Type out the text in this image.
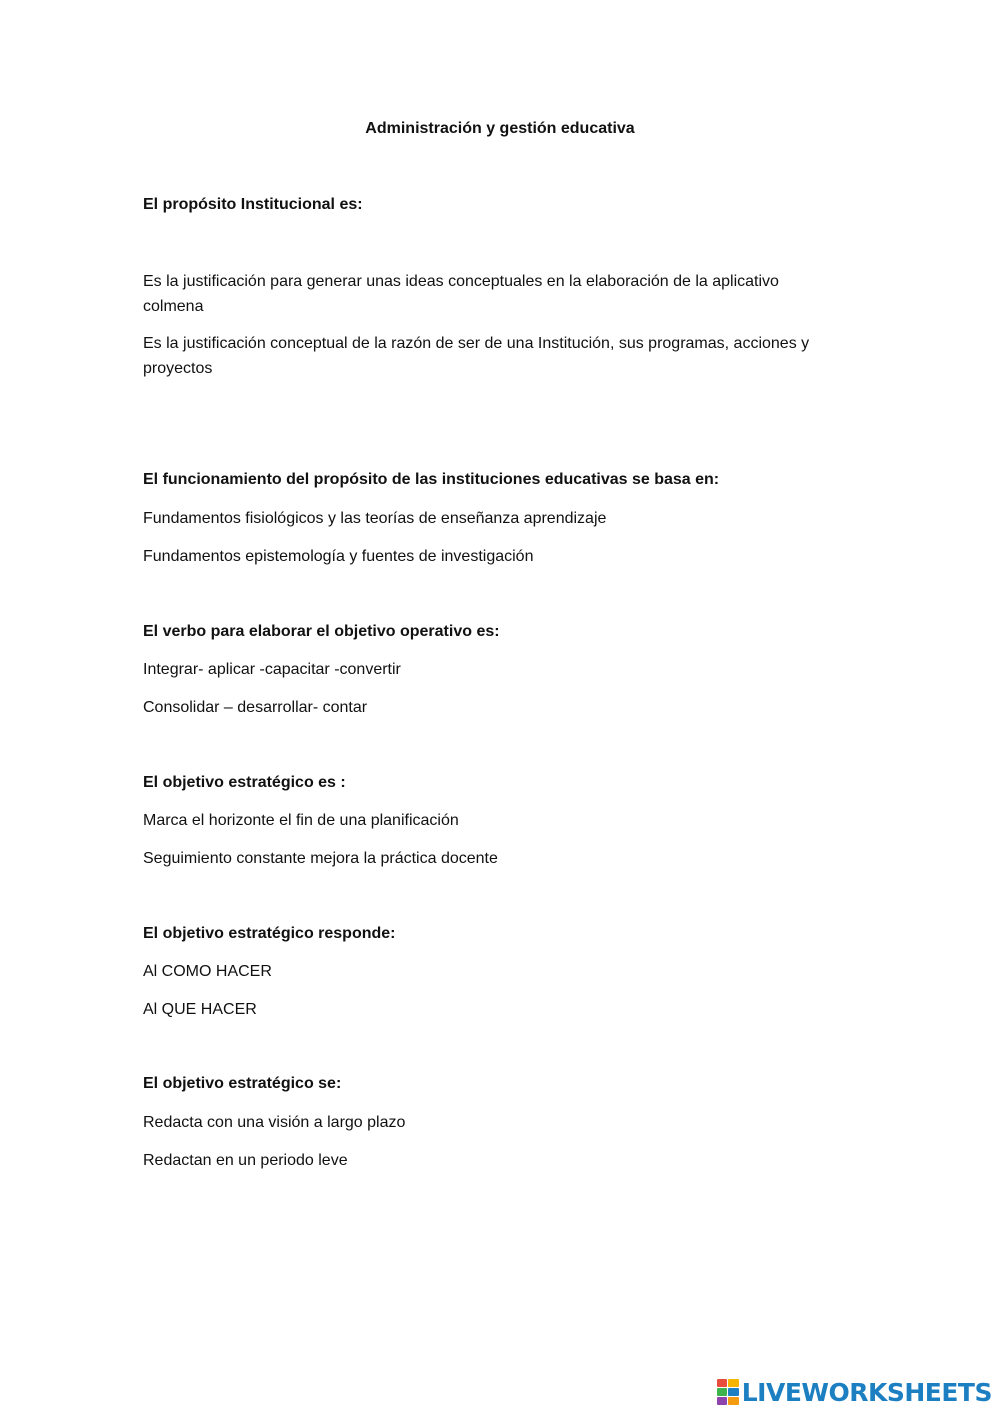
Administración y gestión educativa
El propósito Institucional es:
Es la justificación para generar unas ideas conceptuales en la elaboración de la aplicativo colmena
Es la justificación conceptual de la razón de ser de una Institución, sus programas, acciones y proyectos
El funcionamiento del propósito de las instituciones educativas se basa en:
Fundamentos fisiológicos y las teorías de enseñanza aprendizaje
Fundamentos epistemología y fuentes de investigación
El verbo para elaborar el objetivo operativo es:
Integrar- aplicar -capacitar -convertir
Consolidar – desarrollar- contar
El objetivo estratégico es :
Marca el horizonte el fin de una planificación
Seguimiento constante mejora la práctica docente
El objetivo estratégico responde:
Al COMO HACER
Al QUE HACER
El objetivo estratégico se:
Redacta con una visión a largo plazo
Redactan en un periodo leve
LIVEWORKSHEETS
